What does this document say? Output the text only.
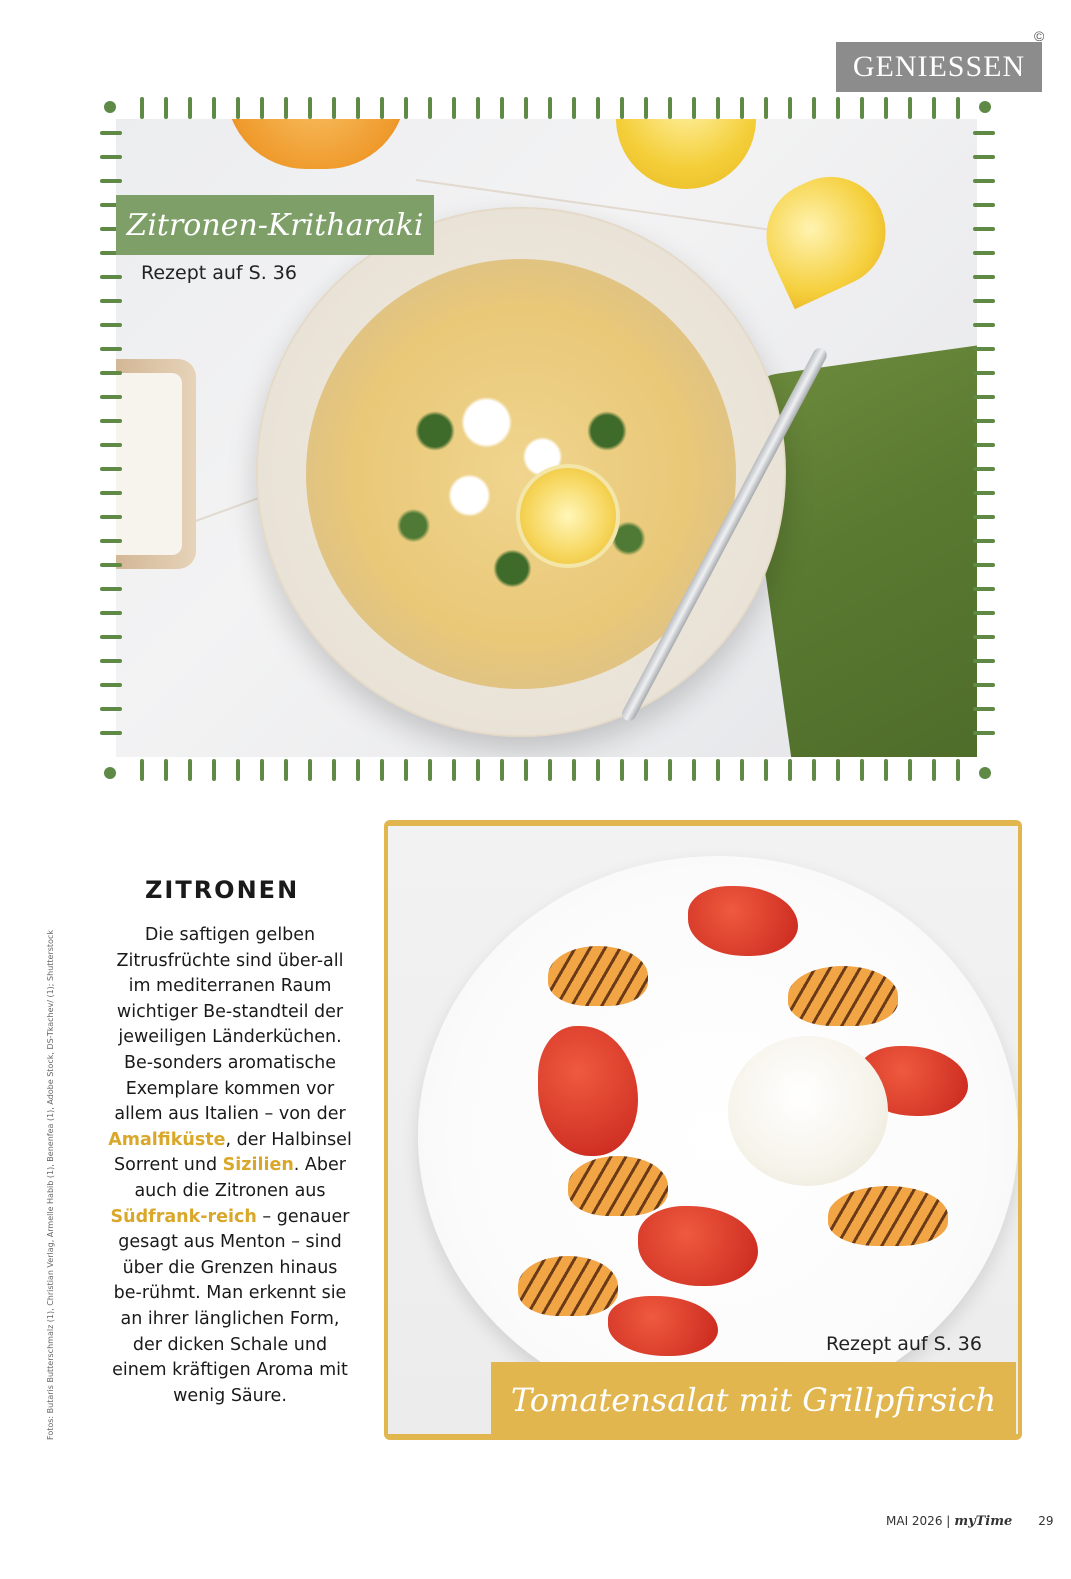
GENIESSEN
©
Zitronen-Kritharaki
Rezept auf S. 36
ZITRONEN
Die saftigen gelben Zitrusfrüchte sind über-all im mediterranen Raum wichtiger Be-standteil der jeweiligen Länderküchen. Be-sonders aromatische Exemplare kommen vor allem aus Italien – von der Amalfiküste, der Halbinsel Sorrent und Sizilien. Aber auch die Zitronen aus Südfrank-reich – genauer gesagt aus Menton – sind über die Grenzen hinaus be-rühmt. Man erkennt sie an ihrer länglichen Form, der dicken Schale und einem kräftigen Aroma mit wenig Säure.
Fotos: Butaris Butterschmalz (1), Christian Verlag, Armelle Habib (1), Benenfea (1), Adobe Stock, DS-Tkachev/ (1); Shutterstock	Rezept auf S. 36
Tomatensalat mit Grillpfirsich
MAI 2026 | myTime 29
